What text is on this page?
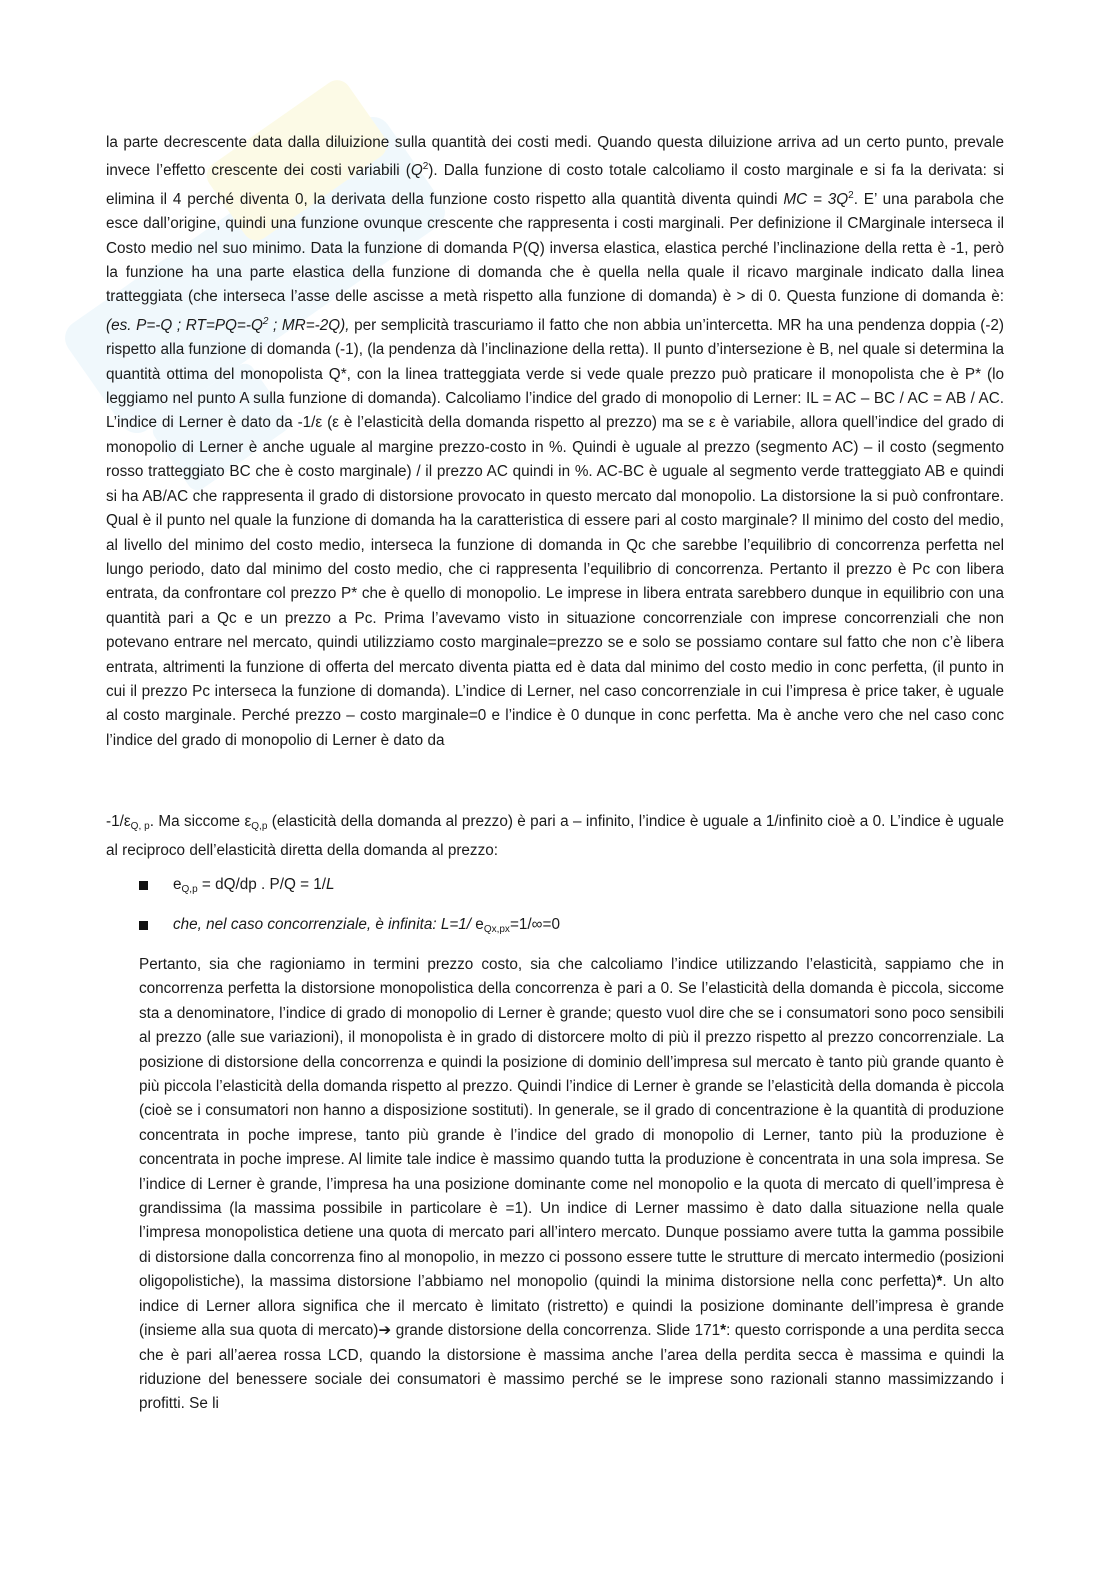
la parte decrescente data dalla diluizione sulla quantità dei costi medi. Quando questa diluizione arriva ad un certo punto, prevale invece l’effetto crescente dei costi variabili $(Q^2)$. Dalla funzione di costo totale calcoliamo il costo marginale e si fa la derivata: si elimina il 4 perché diventa 0, la derivata della funzione costo rispetto alla quantità diventa quindi MC = $3Q^2$. E’ una parabola che esce dall’origine, quindi una funzione ovunque crescente che rappresenta i costi marginali. Per definizione il CMarginale interseca il Costo medio nel suo minimo. Data la funzione di domanda P(Q) inversa elastica, elastica perché l’inclinazione della retta è -1, però la funzione ha una parte elastica della funzione di domanda che è quella nella quale il ricavo marginale indicato dalla linea tratteggiata (che interseca l’asse delle ascisse a metà rispetto alla funzione di domanda) è > di 0. Questa funzione di domanda è: (es. P=-Q ; $RT=PQ=-Q^2$ ; MR=-2Q), per semplicità trascuriamo il fatto che non abbia un’intercetta. MR ha una pendenza doppia (-2) rispetto alla funzione di domanda (-1), (la pendenza dà l’inclinazione della retta). Il punto d’intersezione è B, nel quale si determina la quantità ottima del monopolista Q*, con la linea tratteggiata verde si vede quale prezzo può praticare il monopolista che è P* (lo leggiamo nel punto A sulla funzione di domanda). Calcoliamo l’indice del grado di monopolio di Lerner: IL = AC – BC / AC = AB / AC. L’indice di Lerner è dato da -1/ε (ε è l’elasticità della domanda rispetto al prezzo) ma se ε è variabile, allora quell’indice del grado di monopolio di Lerner è anche uguale al margine prezzo-costo in %. Quindi è uguale al prezzo (segmento AC) – il costo (segmento rosso tratteggiato BC che è costo marginale) / il prezzo AC quindi in %. AC-BC è uguale al segmento verde tratteggiato AB e quindi si ha AB/AC che rappresenta il grado di distorsione provocato in questo mercato dal monopolio. La distorsione la si può confrontare. Qual è il punto nel quale la funzione di domanda ha la caratteristica di essere pari al costo marginale? Il minimo del costo del medio, al livello del minimo del costo medio, interseca la funzione di domanda in Qc che sarebbe l’equilibrio di concorrenza perfetta nel lungo periodo, dato dal minimo del costo medio, che ci rappresenta l’equilibrio di concorrenza. Pertanto il prezzo è Pc con libera entrata, da confrontare col prezzo P* che è quello di monopolio. Le imprese in libera entrata sarebbero dunque in equilibrio con una quantità pari a Qc e un prezzo a Pc. Prima l’avevamo visto in situazione concorrenziale con imprese concorrenziali che non potevano entrare nel mercato, quindi utilizziamo costo marginale=prezzo se e solo se possiamo contare sul fatto che non c’è libera entrata, altrimenti la funzione di offerta del mercato diventa piatta ed è data dal minimo del costo medio in conc perfetta, (il punto in cui il prezzo Pc interseca la funzione di domanda). L’indice di Lerner, nel caso concorrenziale in cui l’impresa è price taker, è uguale al costo marginale. Perché prezzo – costo marginale=0 e l’indice è 0 dunque in conc perfetta. Ma è anche vero che nel caso conc l’indice del grado di monopolio di Lerner è dato da

$-1/\varepsilon_{Q, p}$. Ma siccome $\varepsilon_{Q,p}$ (elasticità della domanda al prezzo) è pari a – infinito, l’indice è uguale a 1/infinito cioè a 0. L’indice è uguale al reciproco dell’elasticità diretta della domanda al prezzo:

$e_{Q,p} = dQ/dp$ . P/Q = 1/L
che, nel caso concorrenziale, è infinita: L=1/ $e_{Qx,px}=1/\infty=0$

Pertanto, sia che ragioniamo in termini prezzo costo, sia che calcoliamo l’indice utilizzando l’elasticità, sappiamo che in concorrenza perfetta la distorsione monopolistica della concorrenza è pari a 0. Se l’elasticità della domanda è piccola, siccome sta a denominatore, l’indice di grado di monopolio di Lerner è grande; questo vuol dire che se i consumatori sono poco sensibili al prezzo (alle sue variazioni), il monopolista è in grado di distorcere molto di più il prezzo rispetto al prezzo concorrenziale. La posizione di distorsione della concorrenza e quindi la posizione di dominio dell’impresa sul mercato è tanto più grande quanto è più piccola l’elasticità della domanda rispetto al prezzo. Quindi l’indice di Lerner è grande se l’elasticità della domanda è piccola (cioè se i consumatori non hanno a disposizione sostituti). In generale, se il grado di concentrazione è la quantità di produzione concentrata in poche imprese, tanto più grande è l’indice del grado di monopolio di Lerner, tanto più la produzione è concentrata in poche imprese. Al limite tale indice è massimo quando tutta la produzione è concentrata in una sola impresa. Se l’indice di Lerner è grande, l’impresa ha una posizione dominante come nel monopolio e la quota di mercato di quell’impresa è grandissima (la massima possibile in particolare è =1). Un indice di Lerner massimo è dato dalla situazione nella quale l’impresa monopolistica detiene una quota di mercato pari all’intero mercato. Dunque possiamo avere tutta la gamma possibile di distorsione dalla concorrenza fino al monopolio, in mezzo ci possono essere tutte le strutture di mercato intermedio (posizioni oligopolistiche), la massima distorsione l’abbiamo nel monopolio (quindi la minima distorsione nella conc perfetta)*. Un alto indice di Lerner allora significa che il mercato è limitato (ristretto) e quindi la posizione dominante dell’impresa è grande (insieme alla sua quota di mercato)➔ grande distorsione della concorrenza. Slide 171*: questo corrisponde a una perdita secca che è pari all’aerea rossa LCD, quando la distorsione è massima anche l’area della perdita secca è massima e quindi la riduzione del benessere sociale dei consumatori è massimo perché se le imprese sono razionali stanno massimizzando i profitti. Se li
